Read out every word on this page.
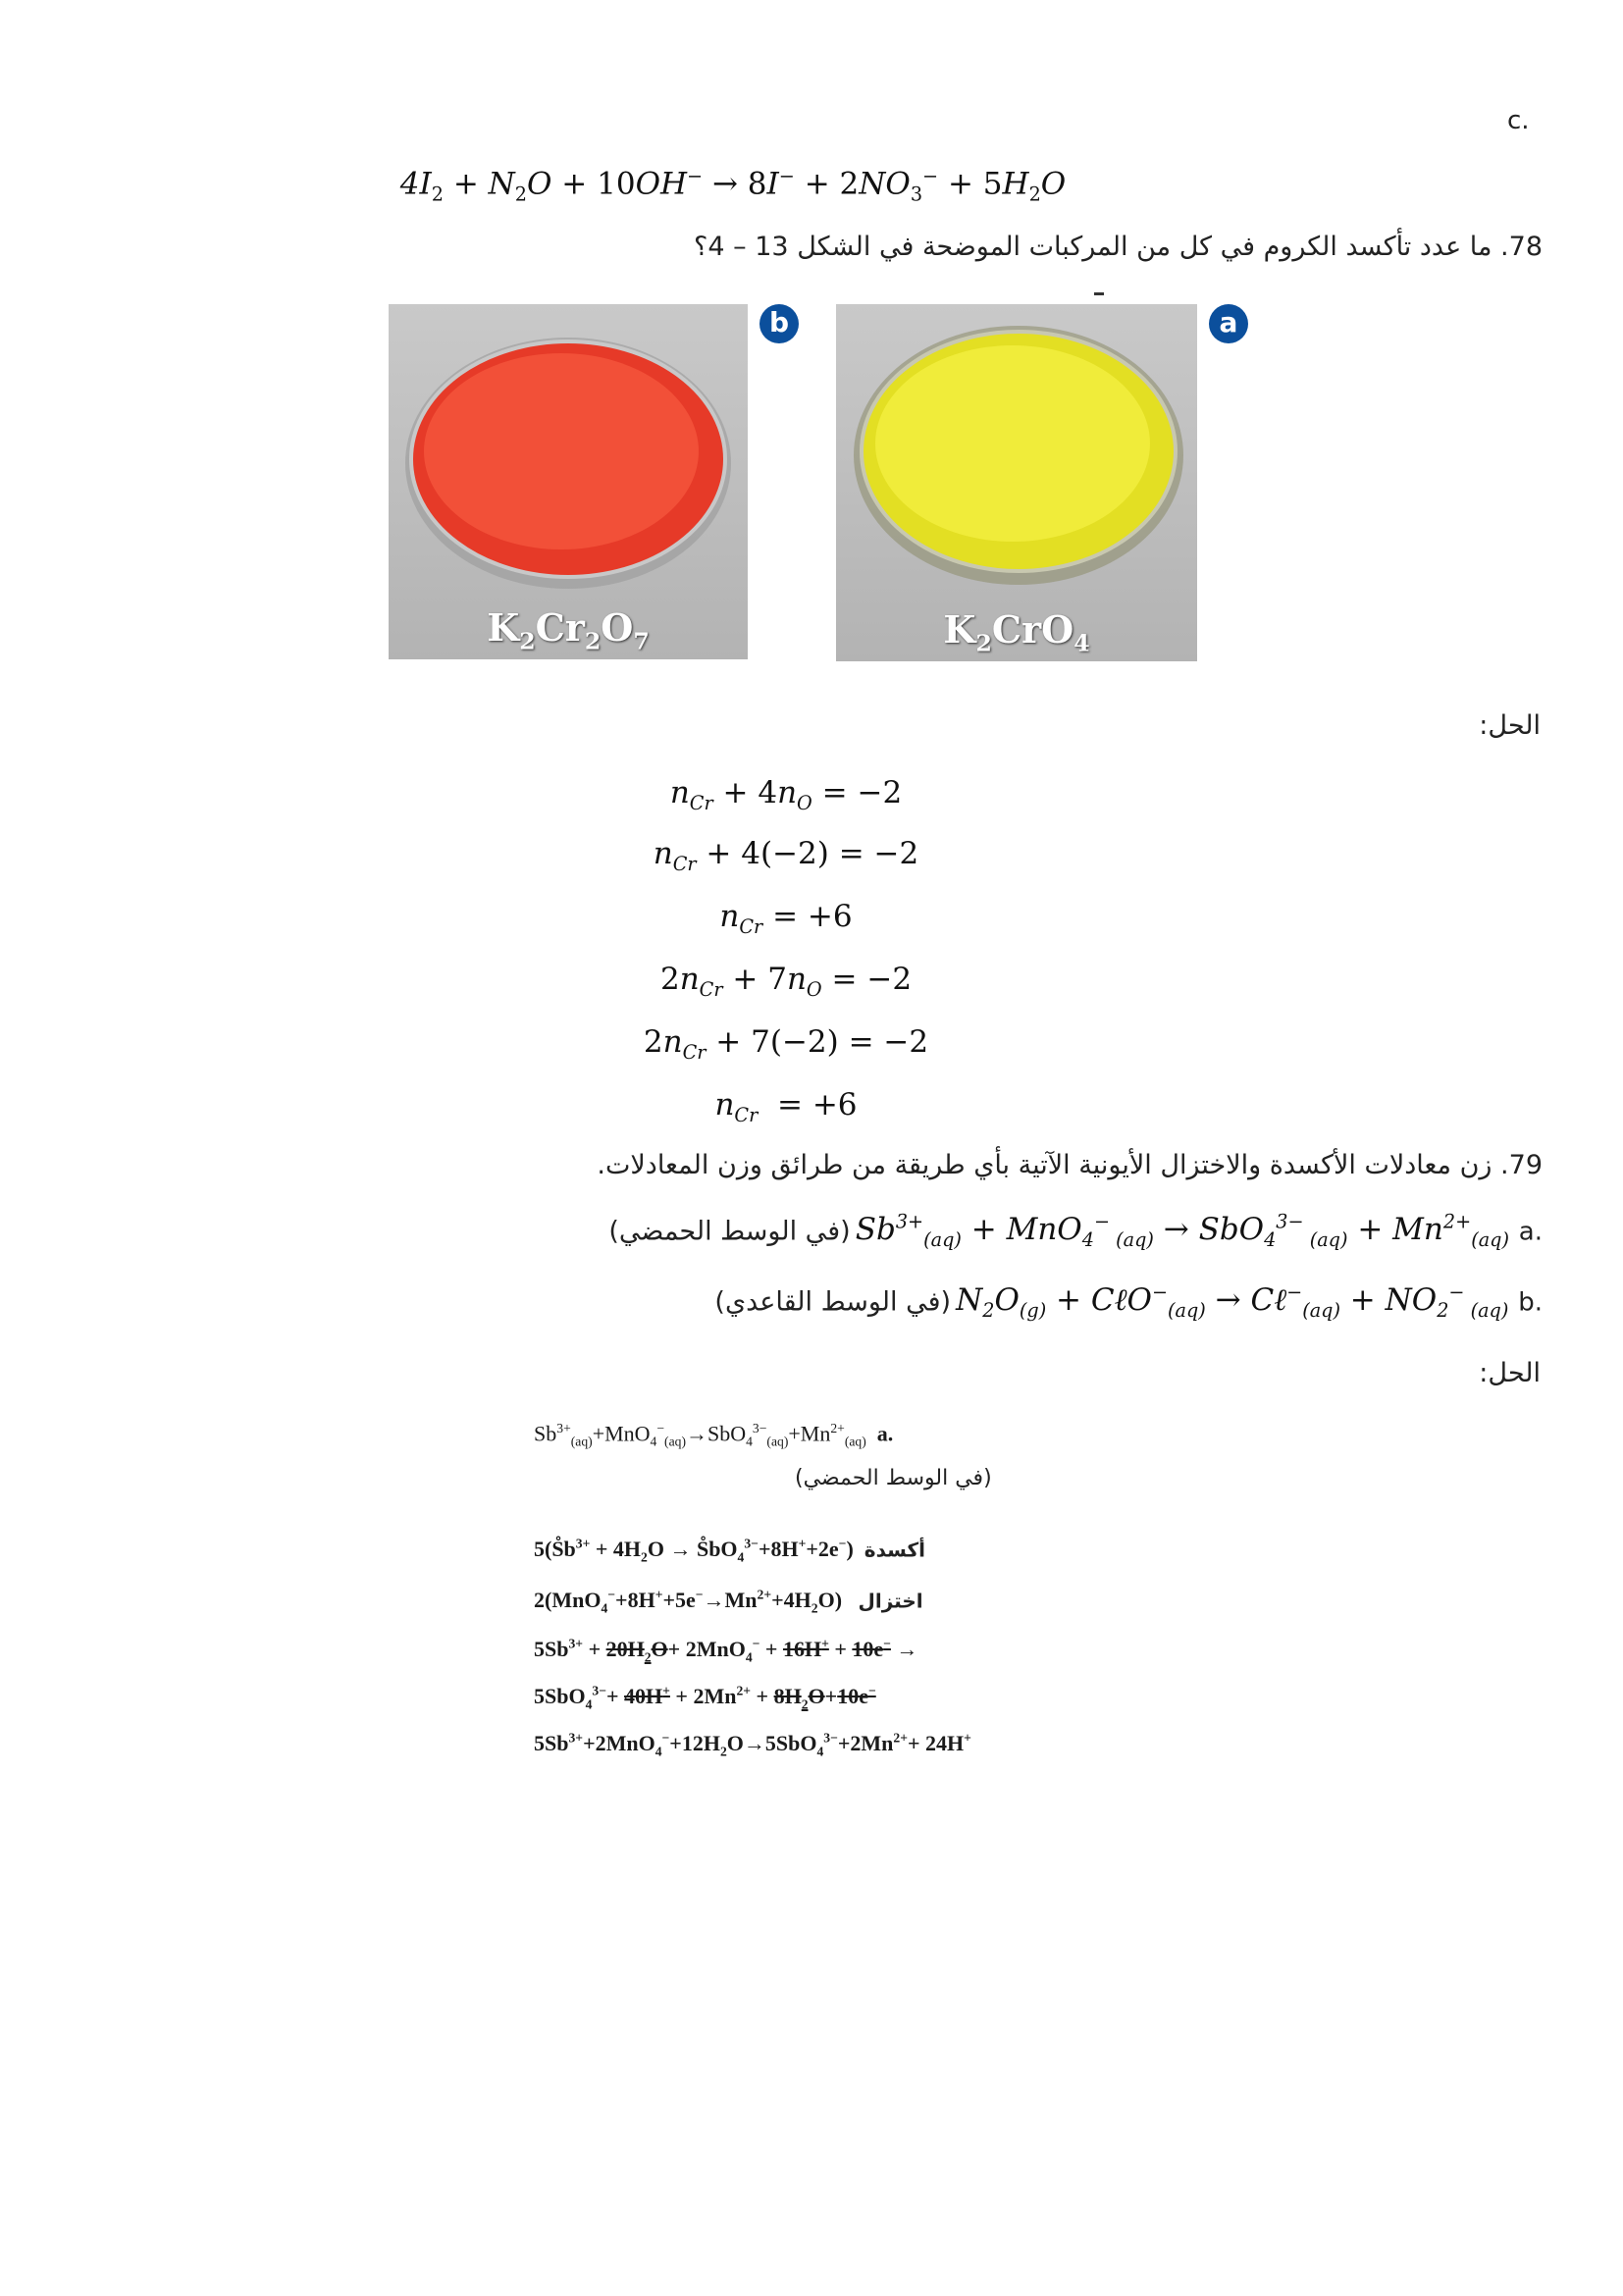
c.
$4I_2 + N_2O + 10OH^- \to 8I^- + 2NO_3^- + 5H_2O$
78. ما عدد تأكسد الكروم في كل من المركبات الموضحة في الشكل 13 – 4؟
$K_2Cr_2O_7$
b
$K_2CrO_4$
a
الحل:
$n_{Cr} + 4n_O = -2$
$n_{Cr} + 4(-2) = -2$
$n_{Cr} = +6$
$2n_{Cr} + 7n_O = -2$
$2n_{Cr} + 7(-2) = -2$
$n_{Cr} = +6$
79. زن معادلات الأكسدة والاختزال الأيونية الآتية بأي طريقة من طرائق وزن المعادلات.
(في الوسط الحمضي) $Sb^{3+}_{(aq)} + MnO_4^-$ $_{(aq)}$ → SbO$_4^{3-}$ $_{(aq)} + Mn^{2+}_{(aq)}$ a.
(في الوسط القاعدي) $N_2O_{(g)}$ + CℓO−$_{(aq)}$ → Cℓ−$_{(aq)}$ + $NO_2^-$ $_{(aq)}$ b.
الحل:
$Sb^{3+}_{(aq)}+MnO_4^-_{(aq)}\to SbO_4^{3-}_{(aq)}+Mn^{2+}_{(aq)}$ a.
(في الوسط الحمضي)
$5(S̊b^{3+} + 4H_2O$ → $S̊bO_4^{3-}+8H^++2e^-$) أكسدة
$2(MnO_4^-+8H^++5e^-\to Mn^{2+}+4H_2O)$ اختزال
$5Sb^{3+} + 20H_2O+ 2MnO_4^- + 16H^+ + 10e^-$ →
$5SbO_4^{3-}+ 40H^+ + 2Mn^{2+} + 8H_2O+10e^-$
$5Sb^{3+}+2MnO_4^-+12H_2O\to 5SbO_4^{3-}+2Mn^{2+}+ 24H^+$
